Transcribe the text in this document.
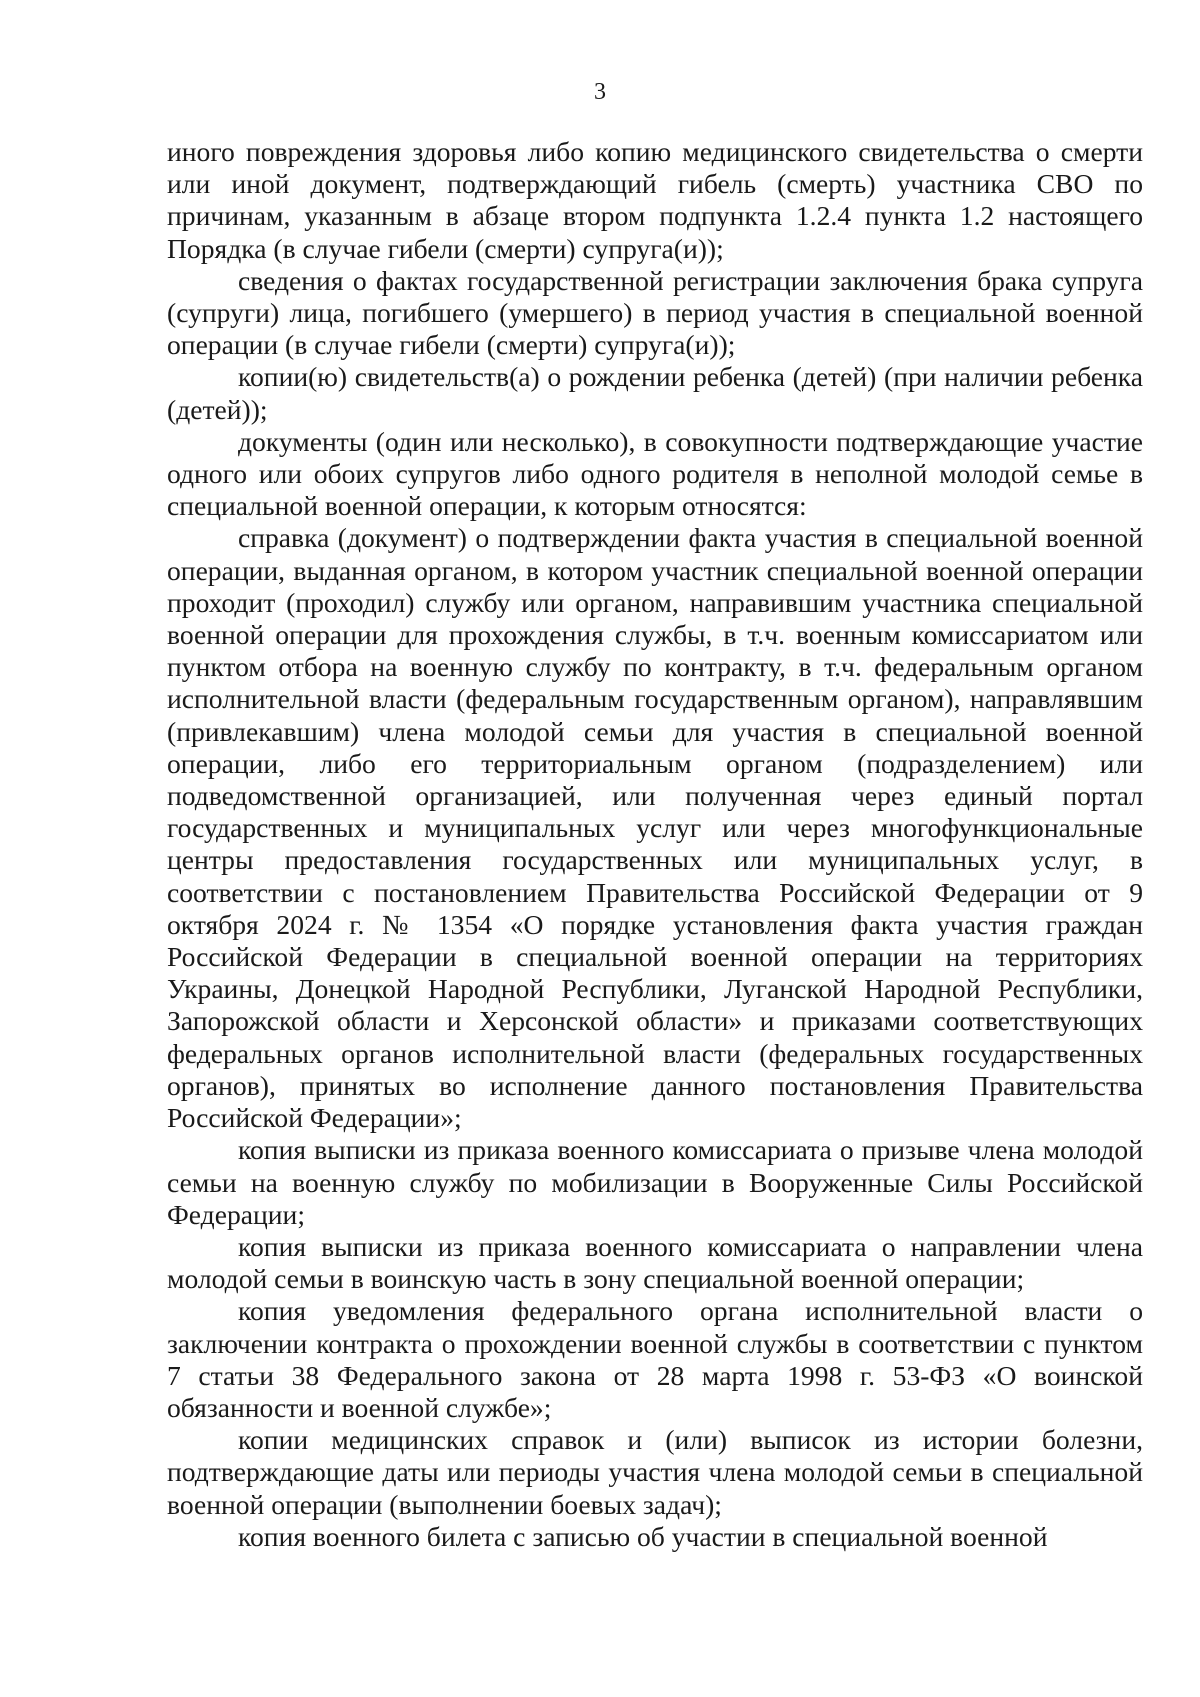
3

иного повреждения здоровья либо копию медицинского свидетельства о смерти или иной документ, подтверждающий гибель (смерть) участника СВО по причинам, указанным в абзаце втором подпункта 1.2.4 пункта 1.2 настоящего Порядка (в случае гибели (смерти) супруга(и));

сведения о фактах государственной регистрации заключения брака супруга (супруги) лица, погибшего (умершего) в период участия в специальной военной операции (в случае гибели (смерти) супруга(и));

копии(ю) свидетельств(а) о рождении ребенка (детей) (при наличии ребенка (детей));

документы (один или несколько), в совокупности подтверждающие участие одного или обоих супругов либо одного родителя в неполной молодой семье в специальной военной операции, к которым относятся:

справка (документ) о подтверждении факта участия в специальной военной операции, выданная органом, в котором участник специальной военной операции проходит (проходил) службу или органом, направившим участника специальной военной операции для прохождения службы, в т.ч. военным комиссариатом или пунктом отбора на военную службу по контракту, в т.ч. федеральным органом исполнительной власти (федеральным государственным органом), направлявшим (привлекавшим) члена молодой семьи для участия в специальной военной операции, либо его территориальным органом (подразделением) или подведомственной организацией, или полученная через единый портал государственных и муниципальных услуг или через многофункциональные центры предоставления государственных или муниципальных услуг, в соответствии с постановлением Правительства Российской Федерации от 9 октября 2024 г. № 1354 «О порядке установления факта участия граждан Российской Федерации в специальной военной операции на территориях Украины, Донецкой Народной Республики, Луганской Народной Республики, Запорожской области и Херсонской области» и приказами соответствующих федеральных органов исполнительной власти (федеральных государственных органов), принятых во исполнение данного постановления Правительства Российской Федерации»;

копия выписки из приказа военного комиссариата о призыве члена молодой семьи на военную службу по мобилизации в Вооруженные Силы Российской Федерации;

копия выписки из приказа военного комиссариата о направлении члена молодой семьи в воинскую часть в зону специальной военной операции;

копия уведомления федерального органа исполнительной власти о заключении контракта о прохождении военной службы в соответствии с пунктом 7 статьи 38 Федерального закона от 28 марта 1998 г. 53-ФЗ «О воинской обязанности и военной службе»;

копии медицинских справок и (или) выписок из истории болезни, подтверждающие даты или периоды участия члена молодой семьи в специальной военной операции (выполнении боевых задач);

копия военного билета с записью об участии в специальной военной
